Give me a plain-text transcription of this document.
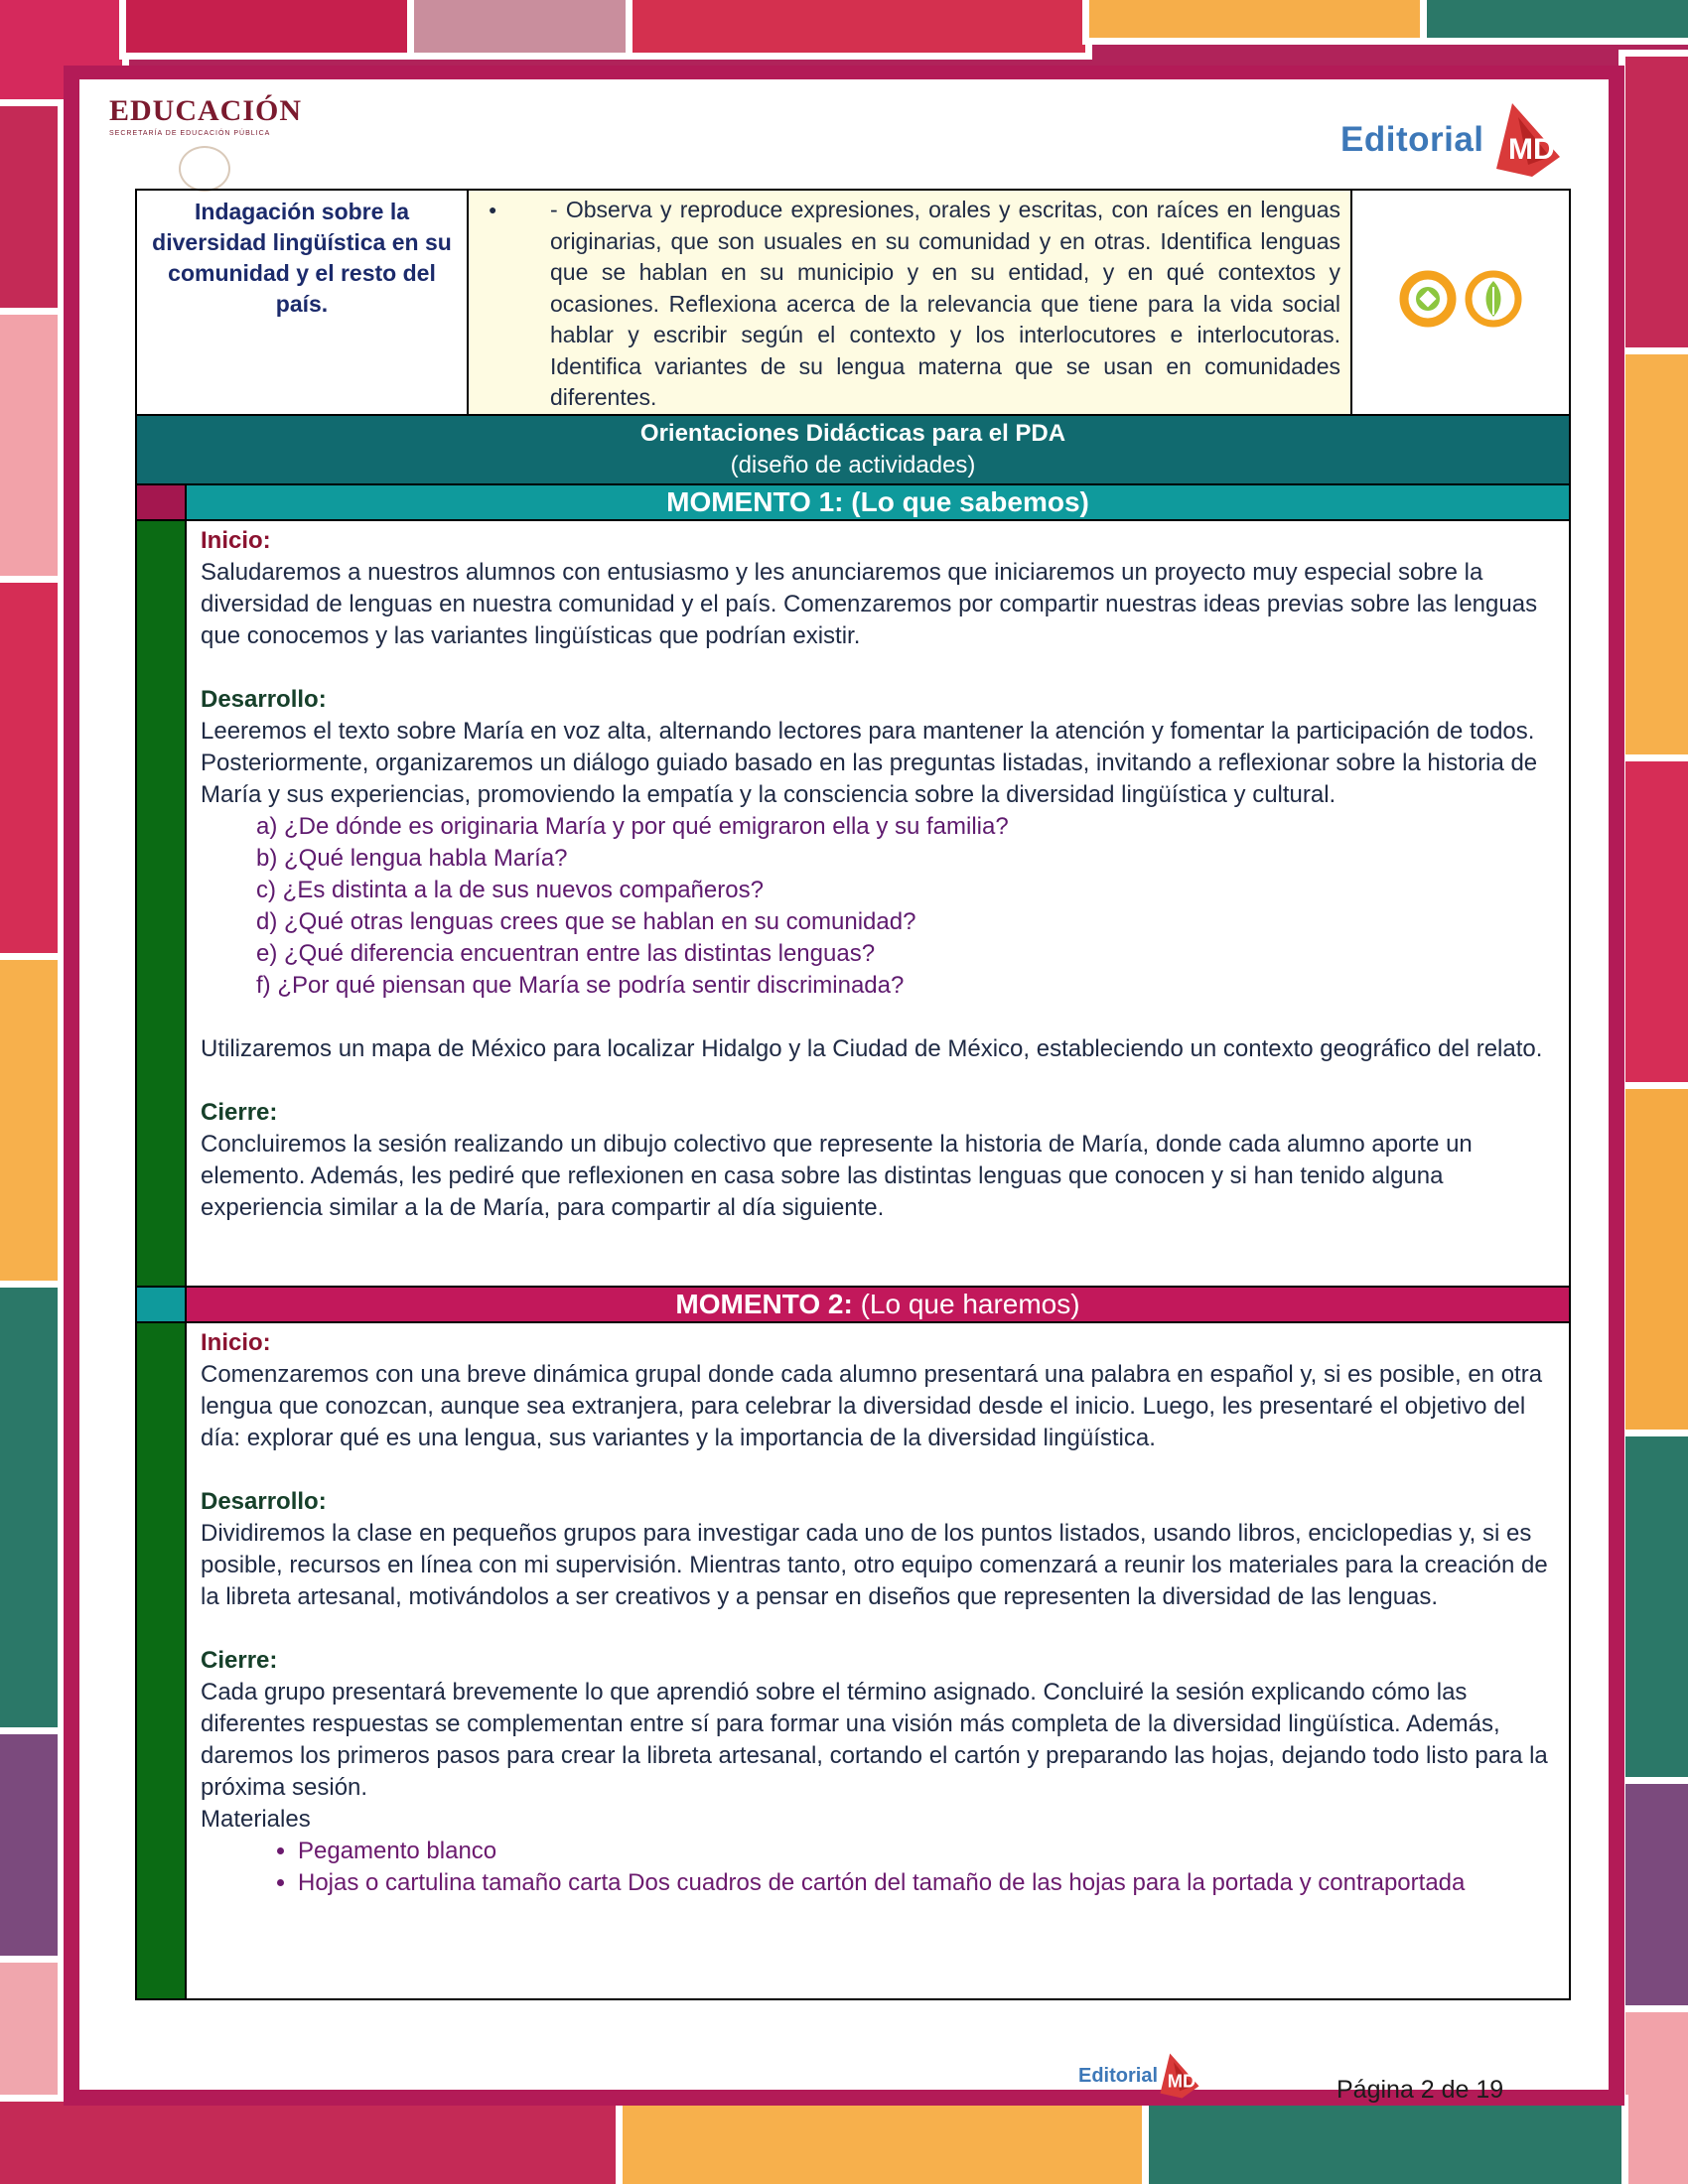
EDUCACIÓN
SECRETARÍA DE EDUCACIÓN PÚBLICA	Editorial MD
Indagación sobre la diversidad lingüística en su comunidad y el resto del país.	
●	- Observa y reproduce expresiones, orales y escritas, con raíces en lenguas originarias, que son usuales en su comunidad y en otras. Identifica lenguas que se hablan en su municipio y en su entidad, y en qué contextos y ocasiones. Reflexiona acerca de la relevancia que tiene para la vida social hablar y escribir según el contexto y los interlocutores e interlocutoras. Identifica variantes de su lengua materna que se usan en comunidades diferentes.

Orientaciones Didácticas para el PDA
(diseño de actividades)
MOMENTO 1: (Lo que sabemos)
Inicio:
Saludaremos a nuestros alumnos con entusiasmo y les anunciaremos que iniciaremos un proyecto muy especial sobre la diversidad de lenguas en nuestra comunidad y el país. Comenzaremos por compartir nuestras ideas previas sobre las lenguas que conocemos y las variantes lingüísticas que podrían existir.
Desarrollo:
Leeremos el texto sobre María en voz alta, alternando lectores para mantener la atención y fomentar la participación de todos. Posteriormente, organizaremos un diálogo guiado basado en las preguntas listadas, invitando a reflexionar sobre la historia de María y sus experiencias, promoviendo la empatía y la consciencia sobre la diversidad lingüística y cultural.
a) ¿De dónde es originaria María y por qué emigraron ella y su familia?
b) ¿Qué lengua habla María?
c) ¿Es distinta a la de sus nuevos compañeros?
d) ¿Qué otras lenguas crees que se hablan en su comunidad?
e) ¿Qué diferencia encuentran entre las distintas lenguas?
f) ¿Por qué piensan que María se podría sentir discriminada?
Utilizaremos un mapa de México para localizar Hidalgo y la Ciudad de México, estableciendo un contexto geográfico del relato.
Cierre:
Concluiremos la sesión realizando un dibujo colectivo que represente la historia de María, donde cada alumno aporte un elemento. Además, les pediré que reflexionen en casa sobre las distintas lenguas que conocen y si han tenido alguna experiencia similar a la de María, para compartir al día siguiente.
MOMENTO 2: (Lo que haremos)
Inicio:
Comenzaremos con una breve dinámica grupal donde cada alumno presentará una palabra en español y, si es posible, en otra lengua que conozcan, aunque sea extranjera, para celebrar la diversidad desde el inicio. Luego, les presentaré el objetivo del día: explorar qué es una lengua, sus variantes y la importancia de la diversidad lingüística.
Desarrollo:
Dividiremos la clase en pequeños grupos para investigar cada uno de los puntos listados, usando libros, enciclopedias y, si es posible, recursos en línea con mi supervisión. Mientras tanto, otro equipo comenzará a reunir los materiales para la creación de la libreta artesanal, motivándolos a ser creativos y a pensar en diseños que representen la diversidad de las lenguas.
Cierre:
Cada grupo presentará brevemente lo que aprendió sobre el término asignado. Concluiré la sesión explicando cómo las diferentes respuestas se complementan entre sí para formar una visión más completa de la diversidad lingüística. Además, daremos los primeros pasos para crear la libreta artesanal, cortando el cartón y preparando las hojas, dejando todo listo para la próxima sesión.
Materiales
• Pegamento blanco
• Hojas o cartulina tamaño carta Dos cuadros de cartón del tamaño de las hojas para la portada y contraportada
Editorial MD	Página 2 de 19
